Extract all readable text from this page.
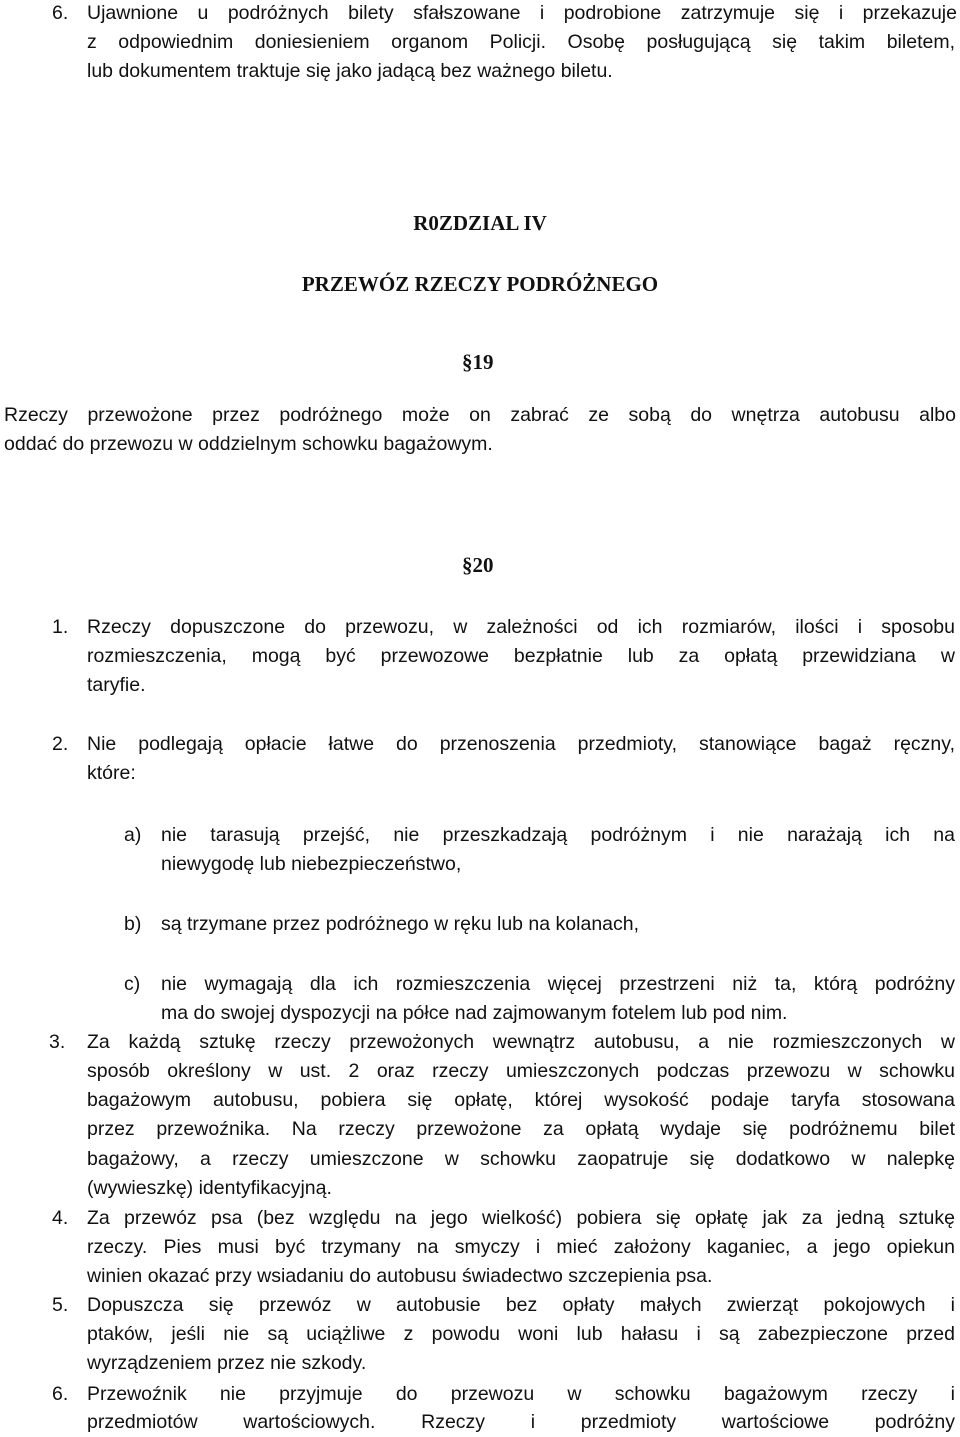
6. Ujawnione u podróżnych bilety sfałszowane i podrobione zatrzymuje się i przekazuje
z odpowiednim doniesieniem organom Policji. Osobę posługującą się takim biletem,
lub dokumentem traktuje się jako jadącą bez ważnego biletu.
R0ZDZIAL IV
PRZEWÓZ RZECZY PODRÓŻNEGO
§19
Rzeczy przewożone przez podróżnego może on zabrać ze sobą do wnętrza autobusu albo
oddać do przewozu w oddzielnym schowku bagażowym.
§20
1. Rzeczy dopuszczone do przewozu, w zależności od ich rozmiarów, ilości i sposobu
rozmieszczenia, mogą być przewozowe bezpłatnie lub za opłatą przewidziana w
taryfie.
2. Nie podlegają opłacie łatwe do przenoszenia przedmioty, stanowiące bagaż ręczny,
które:
a) nie tarasują przejść, nie przeszkadzają podróżnym i nie narażają ich na
niewygodę lub niebezpieczeństwo,
b) są trzymane przez podróżnego w ręku lub na kolanach,
c) nie wymagają dla ich rozmieszczenia więcej przestrzeni niż ta, którą podróżny
ma do swojej dyspozycji na półce nad zajmowanym fotelem lub pod nim.
3. Za każdą sztukę rzeczy przewożonych wewnątrz autobusu, a nie rozmieszczonych w
sposób określony w ust. 2 oraz rzeczy umieszczonych podczas przewozu w schowku
bagażowym autobusu, pobiera się opłatę, której wysokość podaje taryfa stosowana
przez przewoźnika. Na rzeczy przewożone za opłatą wydaje się podróżnemu bilet
bagażowy, a rzeczy umieszczone w schowku zaopatruje się dodatkowo w nalepkę
(wywieszkę) identyfikacyjną.
4. Za przewóz psa (bez względu na jego wielkość) pobiera się opłatę jak za jedną sztukę
rzeczy. Pies musi być trzymany na smyczy i mieć założony kaganiec, a jego opiekun
winien okazać przy wsiadaniu do autobusu świadectwo szczepienia psa.
5. Dopuszcza się przewóz w autobusie bez opłaty małych zwierząt pokojowych i
ptaków, jeśli nie są uciążliwe z powodu woni lub hałasu i są zabezpieczone przed
wyrządzeniem przez nie szkody.
6. Przewoźnik nie przyjmuje do przewozu w schowku bagażowym rzeczy i
przedmiotów wartościowych. Rzeczy i przedmioty wartościowe podróżny
